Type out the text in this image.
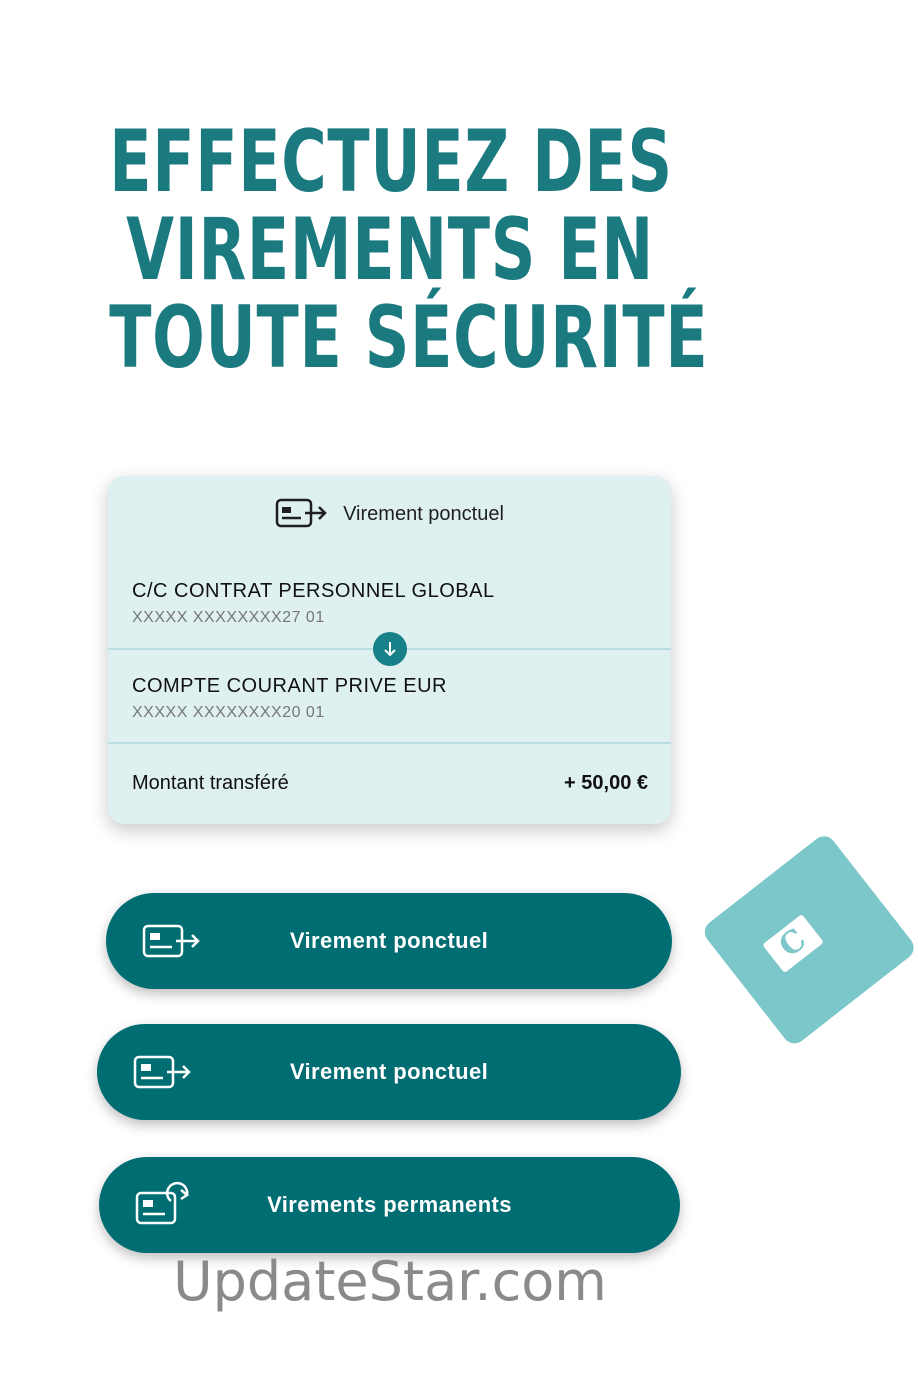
EFFECTUEZ DES
VIREMENTS EN
TOUTE SÉCURITÉ
Virement ponctuel
C/C CONTRAT PERSONNEL GLOBAL
XXXXX XXXXXXXX27 01
COMPTE COURANT PRIVE EUR
XXXXX XXXXXXXX20 01
Montant transféré	+ 50,00 €
Virement ponctuel
Virement ponctuel
Virements permanents
C
UpdateStar.com
